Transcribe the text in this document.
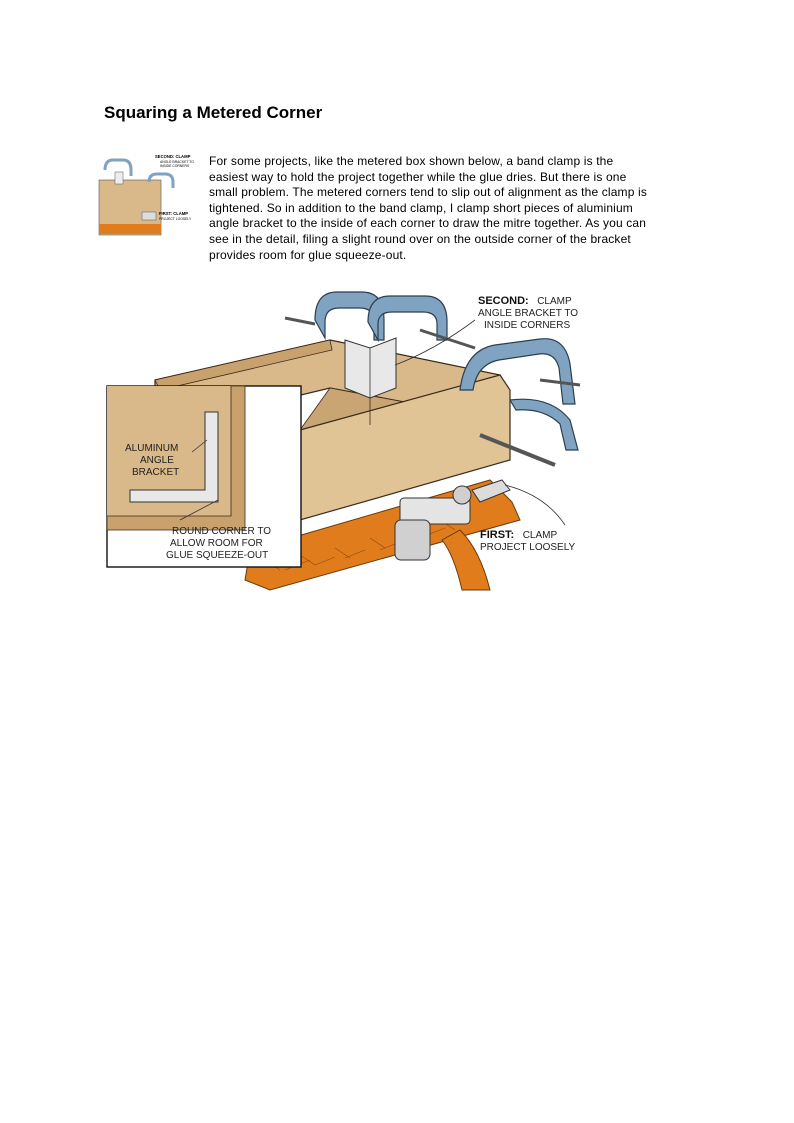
Squaring a Metered Corner
SECOND: CLAMP
ANGLE BRACKET TO
INSIDE CORNERS
FIRST: CLAMP
PROJECT LOOSELY
For some projects, like the metered box shown below, a band clamp is the
easiest way to hold the project together while the glue dries. But there is one
small problem. The metered corners tend to slip out of alignment as the clamp is
tightened. So in addition to the band clamp, I clamp short pieces of aluminium
angle bracket to the inside of each corner to draw the mitre together. As you can
see in the detail, filing a slight round over on the outside corner of the bracket
provides room for glue squeeze-out.
ALUMINUM
ANGLE
BRACKET
ROUND CORNER TO
ALLOW ROOM FOR
GLUE SQUEEZE-OUT
SECOND: CLAMP
ANGLE BRACKET TO
INSIDE CORNERS
FIRST: CLAMP
PROJECT LOOSELY
